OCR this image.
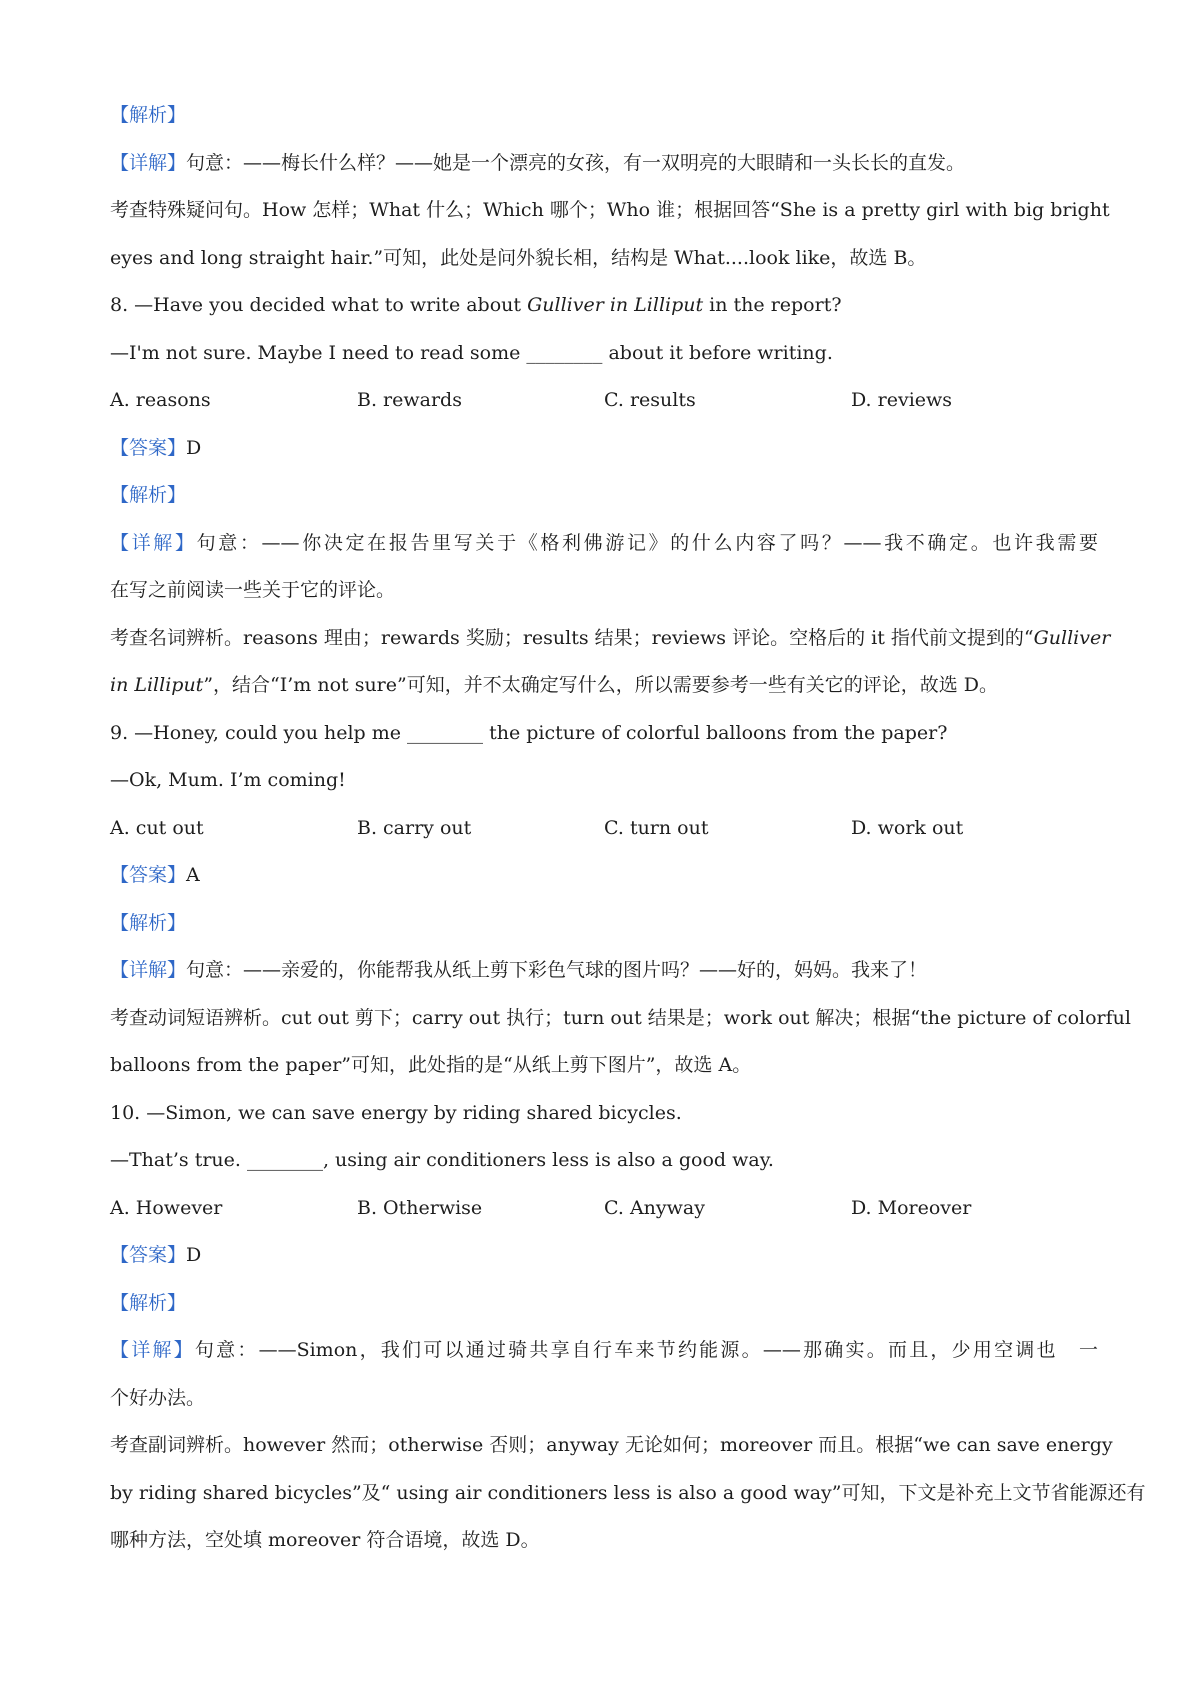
【解析】
【详解】句意：——梅长什么样？——她是一个漂亮的女孩，有一双明亮的大眼睛和一头长长的直发。
考查特殊疑问句。How 怎样；What 什么；Which 哪个；Who 谁；根据回答“She is a pretty girl with big bright
eyes and long straight hair.”可知，此处是问外貌长相，结构是 What....look like，故选 B。
8. —Have you decided what to write about Gulliver in Lilliput in the report?
—I'm not sure. Maybe I need to read some ________ about it before writing.
A. reasons	B. rewards	C. results	D. reviews
【答案】D
【解析】
【详解】句意：——你决定在报告里写关于《格利佛游记》的什么内容了吗？——我不确定。也许我需要
在写之前阅读一些关于它的评论。
考查名词辨析。reasons 理由；rewards 奖励；results 结果；reviews 评论。空格后的 it 指代前文提到的“Gulliver
in Lilliput”，结合“I’m not sure”可知，并不太确定写什么，所以需要参考一些有关它的评论，故选 D。
9. —Honey, could you help me ________ the picture of colorful balloons from the paper?
—Ok, Mum. I’m coming!
A. cut out	B. carry out	C. turn out	D. work out
【答案】A
【解析】
【详解】句意：——亲爱的，你能帮我从纸上剪下彩色气球的图片吗？——好的，妈妈。我来了！
考查动词短语辨析。cut out 剪下；carry out 执行；turn out 结果是；work out 解决；根据“the picture of colorful
balloons from the paper”可知，此处指的是“从纸上剪下图片”，故选 A。
10. —Simon, we can save energy by riding shared bicycles.
—That’s true. ________, using air conditioners less is also a good way.
A. However	B. Otherwise	C. Anyway	D. Moreover
【答案】D
【解析】
【详解】句意：——Simon，我们可以通过骑共享自行车来节约能源。——那确实。而且，少用空调也　一
个好办法。
考查副词辨析。however 然而；otherwise 否则；anyway 无论如何；moreover 而且。根据“we can save energy
by riding shared bicycles”及“ using air conditioners less is also a good way”可知，下文是补充上文节省能源还有
哪种方法，空处填 moreover 符合语境，故选 D。
